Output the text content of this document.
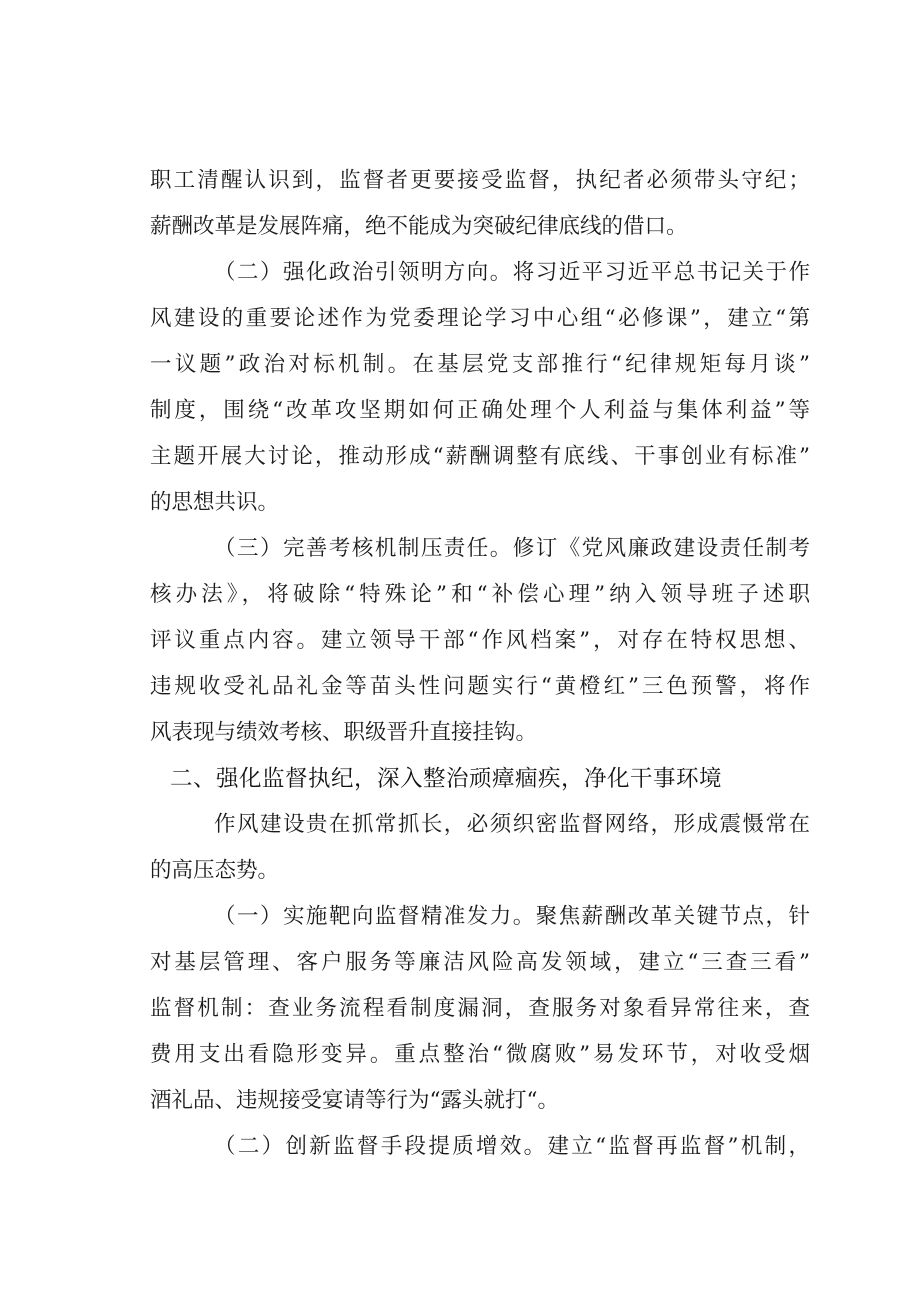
职工清醒认识到，监督者更要接受监督，执纪者必须带头守纪；
薪酬改革是发展阵痛，绝不能成为突破纪律底线的借口。
（二）强化政治引领明方向。将习近平习近平总书记关于作
风建设的重要论述作为党委理论学习中心组“必修课”，建立“第
一议题”政治对标机制。在基层党支部推行“纪律规矩每月谈”
制度，围绕“改革攻坚期如何正确处理个人利益与集体利益”等
主题开展大讨论，推动形成“薪酬调整有底线、干事创业有标准”
的思想共识。
（三）完善考核机制压责任。修订《党风廉政建设责任制考
核办法》，将破除“特殊论”和“补偿心理”纳入领导班子述职
评议重点内容。建立领导干部“作风档案”，对存在特权思想、
违规收受礼品礼金等苗头性问题实行“黄橙红”三色预警，将作
风表现与绩效考核、职级晋升直接挂钩。
二、强化监督执纪，深入整治顽瘴痼疾，净化干事环境
作风建设贵在抓常抓长，必须织密监督网络，形成震慑常在
的高压态势。
（一）实施靶向监督精准发力。聚焦薪酬改革关键节点，针
对基层管理、客户服务等廉洁风险高发领域，建立“三查三看”
监督机制：查业务流程看制度漏洞，查服务对象看异常往来，查
费用支出看隐形变异。重点整治“微腐败”易发环节，对收受烟
酒礼品、违规接受宴请等行为“露头就打“。
（二）创新监督手段提质增效。建立“监督再监督”机制，
